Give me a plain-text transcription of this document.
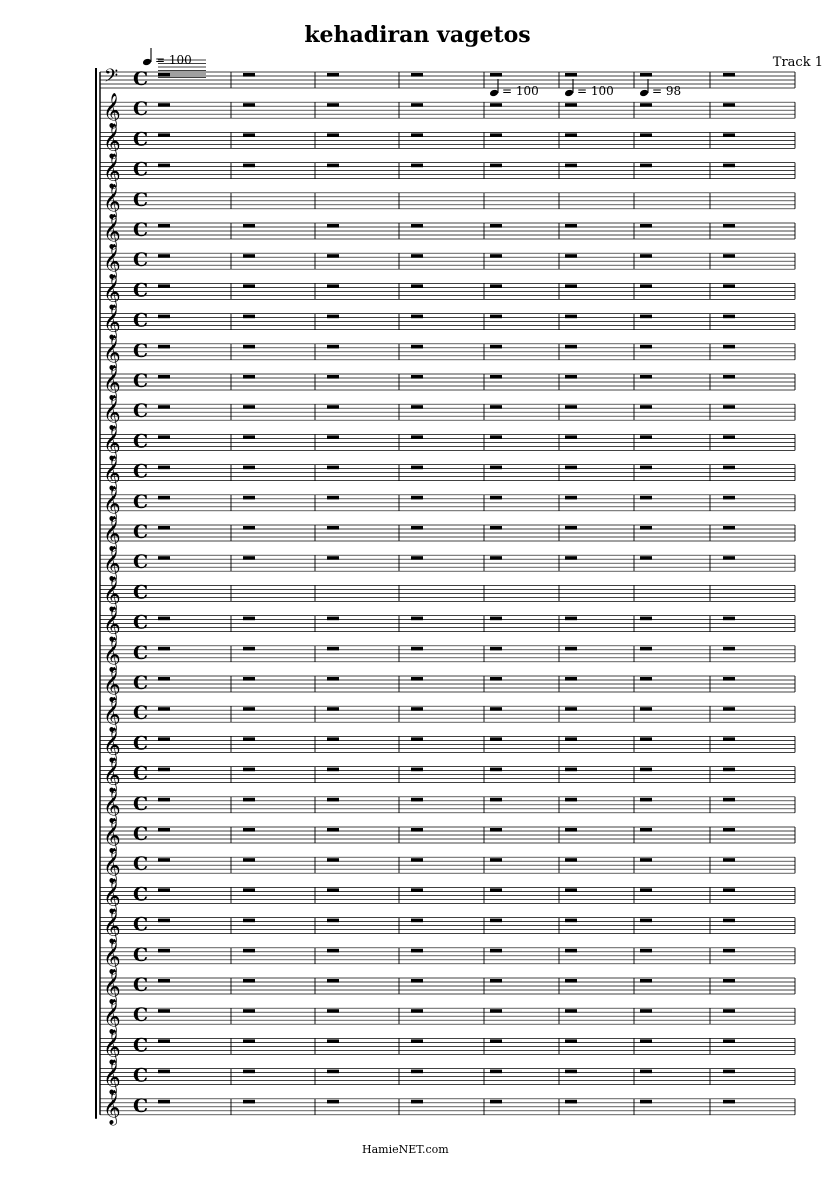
kehadiran vagetos
Track 1
= 100
= 100	= 100	= 98
𝄢 C
𝄞 C
𝄞 C
𝄞 C
𝄞 C
𝄞 C
𝄞 C
𝄞 C
𝄞 C
𝄞 C
𝄞 C
𝄞 C
𝄞 C
𝄞 C
𝄞 C
𝄞 C
𝄞 C
𝄞 C
𝄞 C
𝄞 C
𝄞 C
𝄞 C
𝄞 C
𝄞 C
𝄞 C
𝄞 C
𝄞 C
𝄞 C
𝄞 C
𝄞 C
𝄞 C
𝄞 C
𝄞 C
𝄞 C
𝄞 C
HamieNET.com
